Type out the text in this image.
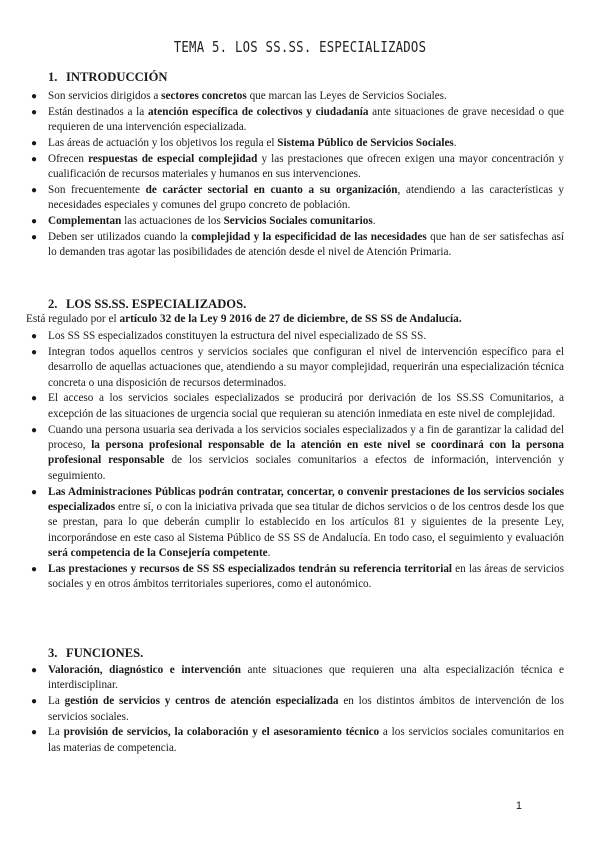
TEMA 5. LOS SS.SS. ESPECIALIZADOS
1. INTRODUCCIÓN
● Son servicios dirigidos a sectores concretos que marcan las Leyes de Servicios Sociales.
● Están destinados a la atención específica de colectivos y ciudadanía ante situaciones de grave necesidad o que requieren de una intervención especializada.
● Las áreas de actuación y los objetivos los regula el Sistema Público de Servicios Sociales.
● Ofrecen respuestas de especial complejidad y las prestaciones que ofrecen exigen una mayor concentración y cualificación de recursos materiales y humanos en sus intervenciones.
● Son frecuentemente de carácter sectorial en cuanto a su organización, atendiendo a las características y necesidades especiales y comunes del grupo concreto de población.
● Complementan las actuaciones de los Servicios Sociales comunitarios.
● Deben ser utilizados cuando la complejidad y la especificidad de las necesidades que han de ser satisfechas así lo demanden tras agotar las posibilidades de atención desde el nivel de Atención Primaria.
2. LOS SS.SS. ESPECIALIZADOS.
Está regulado por el artículo 32 de la Ley 9 2016 de 27 de diciembre, de SS SS de Andalucía.
● Los SS SS especializados constituyen la estructura del nivel especializado de SS SS.
● Integran todos aquellos centros y servicios sociales que configuran el nivel de intervención específico para el desarrollo de aquellas actuaciones que, atendiendo a su mayor complejidad, requerirán una especialización técnica concreta o una disposición de recursos determinados.
● El acceso a los servicios sociales especializados se producirá por derivación de los SS.SS Comunitarios, a excepción de las situaciones de urgencia social que requieran su atención inmediata en este nivel de complejidad.
● Cuando una persona usuaria sea derivada a los servicios sociales especializados y a fin de garantizar la calidad del proceso, la persona profesional responsable de la atención en este nivel se coordinará con la persona profesional responsable de los servicios sociales comunitarios a efectos de información, intervención y seguimiento.
● Las Administraciones Públicas podrán contratar, concertar, o convenir prestaciones de los servicios sociales especializados entre sí, o con la iniciativa privada que sea titular de dichos servicios o de los centros desde los que se prestan, para lo que deberán cumplir lo establecido en los artículos 81 y siguientes de la presente Ley, incorporándose en este caso al Sistema Público de SS SS de Andalucía. En todo caso, el seguimiento y evaluación será competencia de la Consejería competente.
● Las prestaciones y recursos de SS SS especializados tendrán su referencia territorial en las áreas de servicios sociales y en otros ámbitos territoriales superiores, como el autonómico.
3. FUNCIONES.
● Valoración, diagnóstico e intervención ante situaciones que requieren una alta especialización técnica e interdisciplinar.
● La gestión de servicios y centros de atención especializada en los distintos ámbitos de intervención de los servicios sociales.
● La provisión de servicios, la colaboración y el asesoramiento técnico a los servicios sociales comunitarios en las materias de competencia.
1
